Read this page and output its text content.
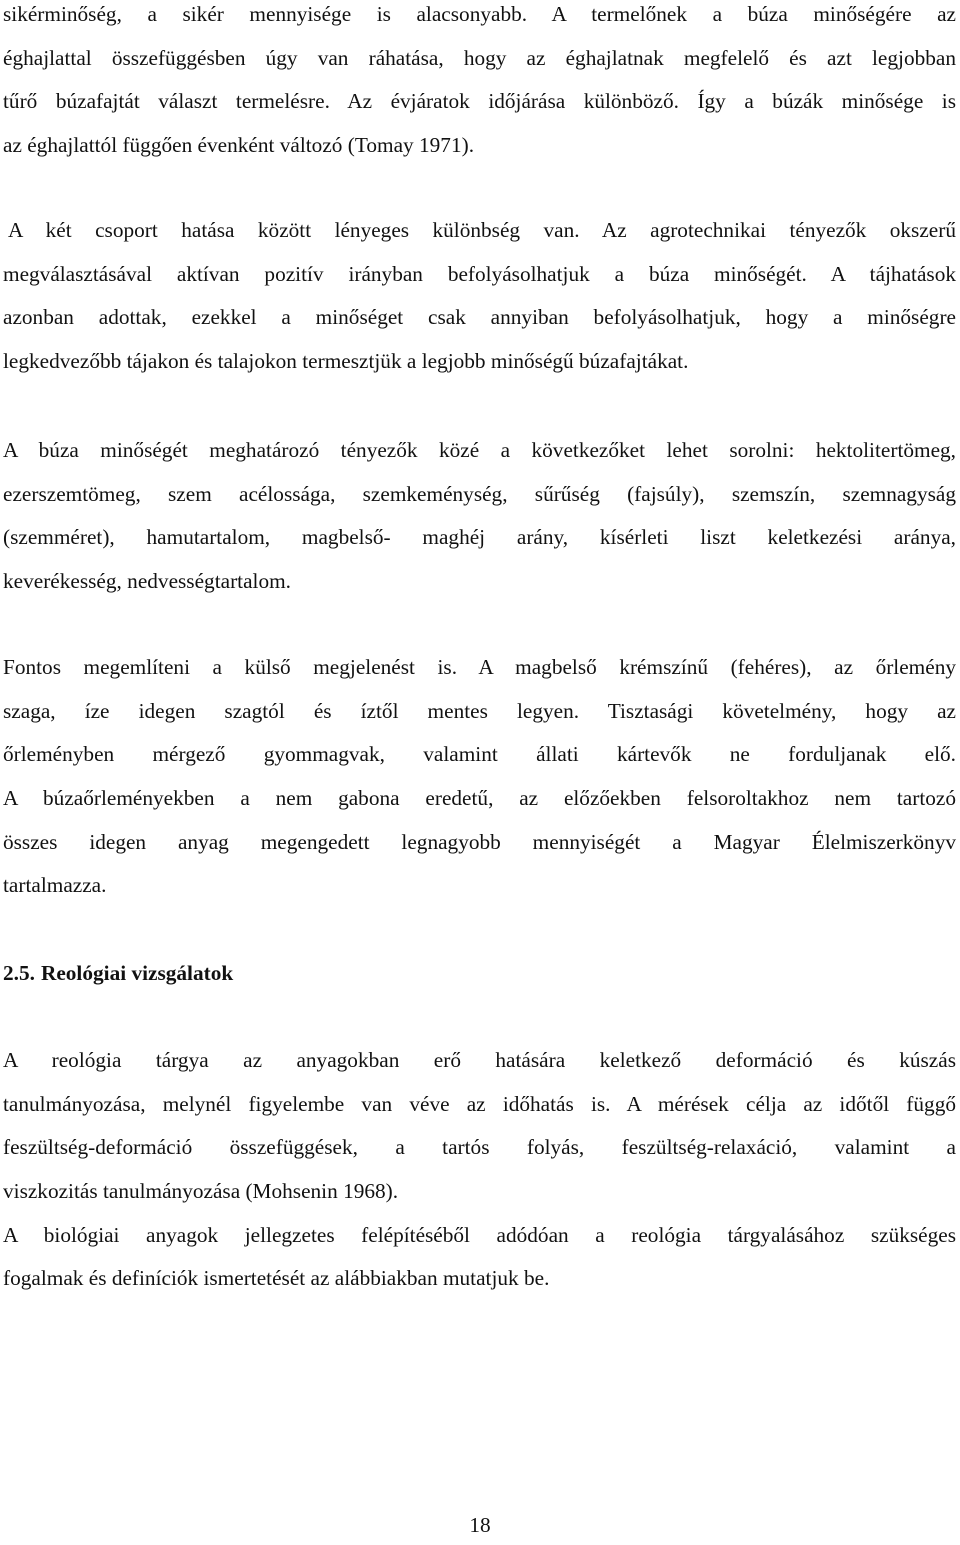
sikérminőség, a sikér mennyisége is alacsonyabb. A termelőnek a búza minőségére az
éghajlattal összefüggésben úgy van ráhatása, hogy az éghajlatnak megfelelő és azt legjobban
tűrő búzafajtát választ termelésre. Az évjáratok időjárása különböző. Így a búzák minősége is
az éghajlattól függően évenként változó (Tomay 1971).
A két csoport hatása között lényeges különbség van. Az agrotechnikai tényezők okszerű
megválasztásával aktívan pozitív irányban befolyásolhatjuk a búza minőségét. A tájhatások
azonban adottak, ezekkel a minőséget csak annyiban befolyásolhatjuk, hogy a minőségre
legkedvezőbb tájakon és talajokon termesztjük a legjobb minőségű búzafajtákat.
A búza minőségét meghatározó tényezők közé a következőket lehet sorolni: hektolitertömeg,
ezerszemtömeg, szem acélossága, szemkeménység, sűrűség (fajsúly), szemszín, szemnagyság
(szemméret), hamutartalom, magbelső- maghéj arány, kísérleti liszt keletkezési aránya,
keverékesség, nedvességtartalom.
Fontos megemlíteni a külső megjelenést is. A magbelső krémszínű (fehéres), az őrlemény
szaga, íze idegen szagtól és íztől mentes legyen. Tisztasági követelmény, hogy az
őrleményben mérgező gyommagvak, valamint állati kártevők ne forduljanak elő.
A búzaőrleményekben a nem gabona eredetű, az előzőekben felsoroltakhoz nem tartozó
összes idegen anyag megengedett legnagyobb mennyiségét a Magyar Élelmiszerkönyv
tartalmazza.
2.5. Reológiai vizsgálatok
A reológia tárgya az anyagokban erő hatására keletkező deformáció és kúszás
tanulmányozása, melynél figyelembe van véve az időhatás is. A mérések célja az időtől függő
feszültség-deformáció összefüggések, a tartós folyás, feszültség-relaxáció, valamint a
viszkozitás tanulmányozása (Mohsenin 1968).
A biológiai anyagok jellegzetes felépítéséből adódóan a reológia tárgyalásához szükséges
fogalmak és definíciók ismertetését az alábbiakban mutatjuk be.
18
